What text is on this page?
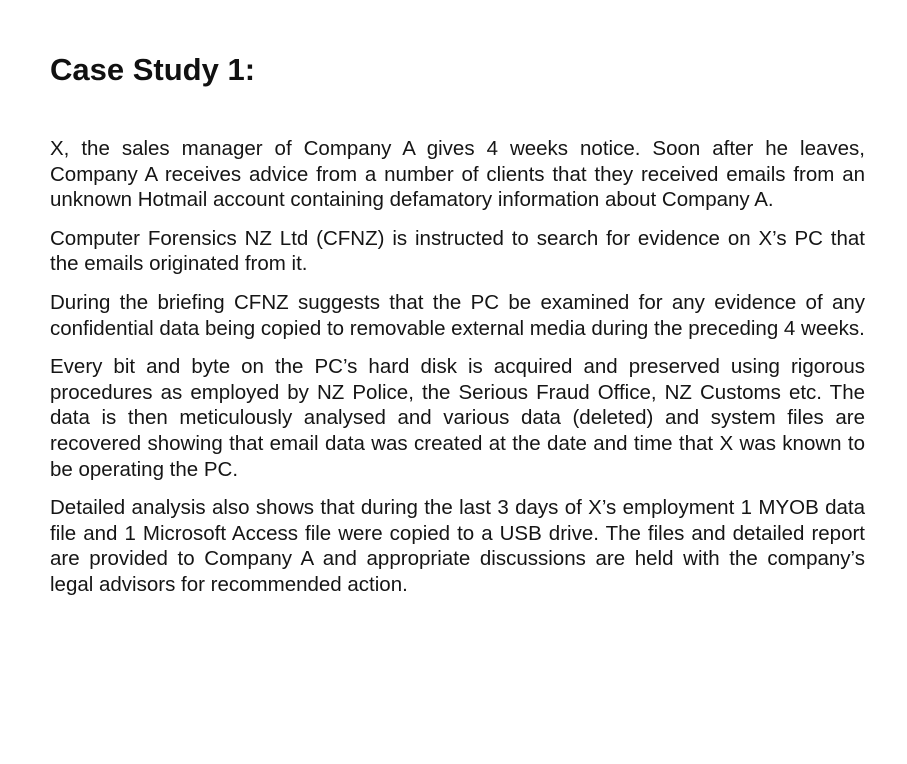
Case Study 1:

X, the sales manager of Company A gives 4 weeks notice. Soon after he leaves, Company A receives advice from a number of clients that they received emails from an unknown Hotmail account containing defamatory information about Company A.

Computer Forensics NZ Ltd (CFNZ) is instructed to search for evidence on X’s PC that the emails originated from it.

During the briefing CFNZ suggests that the PC be examined for any evidence of any confidential data being copied to removable external media during the preceding 4 weeks.

Every bit and byte on the PC’s hard disk is acquired and preserved using rigorous procedures as employed by NZ Police, the Serious Fraud Office, NZ Customs etc. The data is then meticulously analysed and various data (deleted) and system files are recovered showing that email data was created at the date and time that X was known to be operating the PC.

Detailed analysis also shows that during the last 3 days of X’s employment 1 MYOB data file and 1 Microsoft Access file were copied to a USB drive. The files and detailed report are provided to Company A and appropriate discussions are held with the company’s legal advisors for recommended action.
